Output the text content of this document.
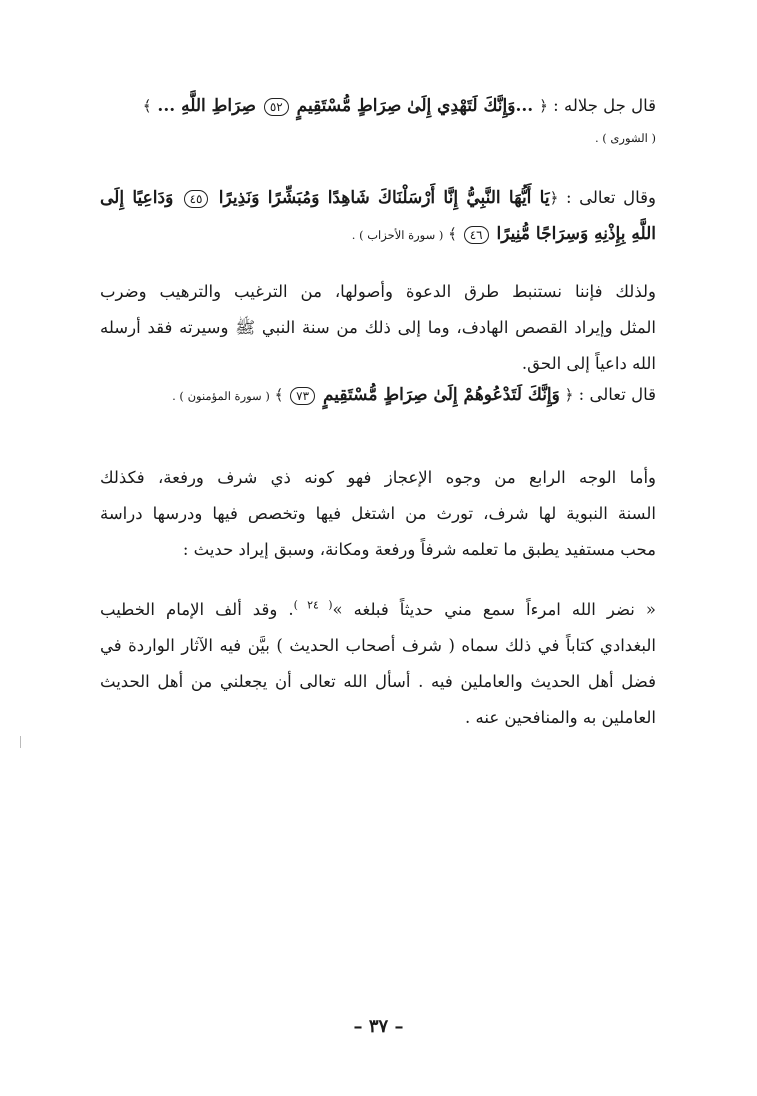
قال جل جلاله : ﴿ ...وَإِنَّكَ لَتَهْدِي إِلَىٰ صِرَاطٍ مُّسْتَقِيمٍ ٥٢ صِرَاطِ اللَّهِ ... ﴾
( الشورى ) .
وقال تعالى : ﴿يَا أَيُّهَا النَّبِيُّ إِنَّا أَرْسَلْنَاكَ شَاهِدًا وَمُبَشِّرًا وَنَذِيرًا ٤٥ وَدَاعِيًا إِلَى
اللَّهِ بِإِذْنِهِ وَسِرَاجًا مُّنِيرًا ٤٦ ﴾ ( سورة الأحزاب ) .
ولذلك فإننا نستنبط طرق الدعوة وأصولها، من الترغيب والترهيب وضرب
المثل وإيراد القصص الهادف، وما إلى ذلك من سنة النبي ﷺ وسيرته فقد أرسله
الله داعياً إلى الحق.
قال تعالى : ﴿ وَإِنَّكَ لَتَدْعُوهُمْ إِلَىٰ صِرَاطٍ مُّسْتَقِيمٍ ٧٣ ﴾ ( سورة المؤمنون ) .
وأما الوجه الرابع من وجوه الإعجاز فهو كونه ذي شرف ورفعة، فكذلك
السنة النبوية لها شرف، تورث من اشتغل فيها وتخصص فيها ودرسها دراسة
محب مستفيد يطبق ما تعلمه شرفاً ورفعة ومكانة، وسبق إيراد حديث :
« نضر الله امرءاً سمع مني حديثاً فبلغه »$^{( ٢٤ )}$. وقد ألف الإمام الخطيب
البغدادي كتاباً في ذلك سماه ( شرف أصحاب الحديث ) بيَّن فيه الآثار الواردة في
فضل أهل الحديث والعاملين فيه . أسأل الله تعالى أن يجعلني من أهل الحديث
العاملين به والمنافحين عنه .
– ٣٧ –
